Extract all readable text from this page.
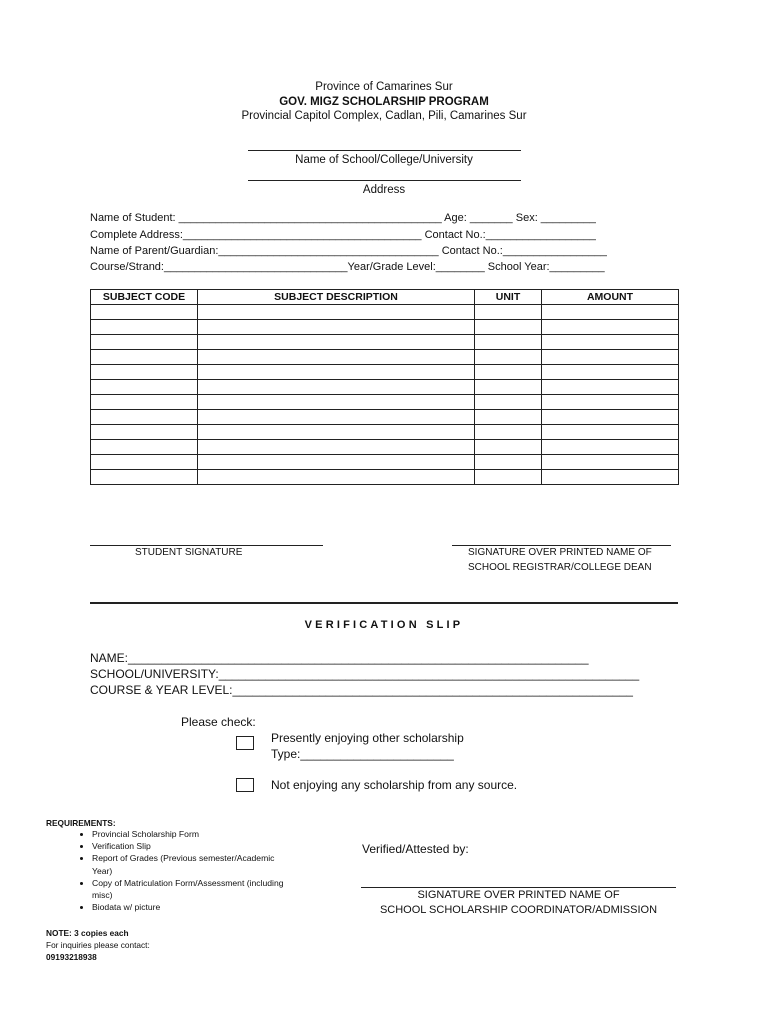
Province of Camarines Sur
GOV. MIGZ SCHOLARSHIP PROGRAM
Provincial Capitol Complex, Cadlan, Pili, Camarines Sur
Name of School/College/University
Address
Name of Student: ___________________________________________ Age: _______ Sex: _________
Complete Address:_______________________________________ Contact No.:__________________
Name of Parent/Guardian:____________________________________ Contact No.:_________________
Course/Strand:______________________________Year/Grade Level:________ School Year:_________
SUBJECT CODE	SUBJECT DESCRIPTION	UNIT	AMOUNT

STUDENT SIGNATURE	SIGNATURE OVER PRINTED NAME OF
SCHOOL REGISTRAR/COLLEGE DEAN
VERIFICATION SLIP
NAME:_____________________________________________________________________
SCHOOL/UNIVERSITY:_______________________________________________________________
COURSE & YEAR LEVEL:____________________________________________________________
Please check:
Presently enjoying other scholarship
Type:_______________________
Not enjoying any scholarship from any source.
REQUIREMENTS:
• Provincial Scholarship Form
• Verification Slip
• Report of Grades (Previous semester/Academic Year)
• Copy of Matriculation Form/Assessment (including misc)
• Biodata w/ picture
NOTE: 3 copies each
For inquiries please contact:
09193218938
Verified/Attested by:
SIGNATURE OVER PRINTED NAME OF
SCHOOL SCHOLARSHIP COORDINATOR/ADMISSION
